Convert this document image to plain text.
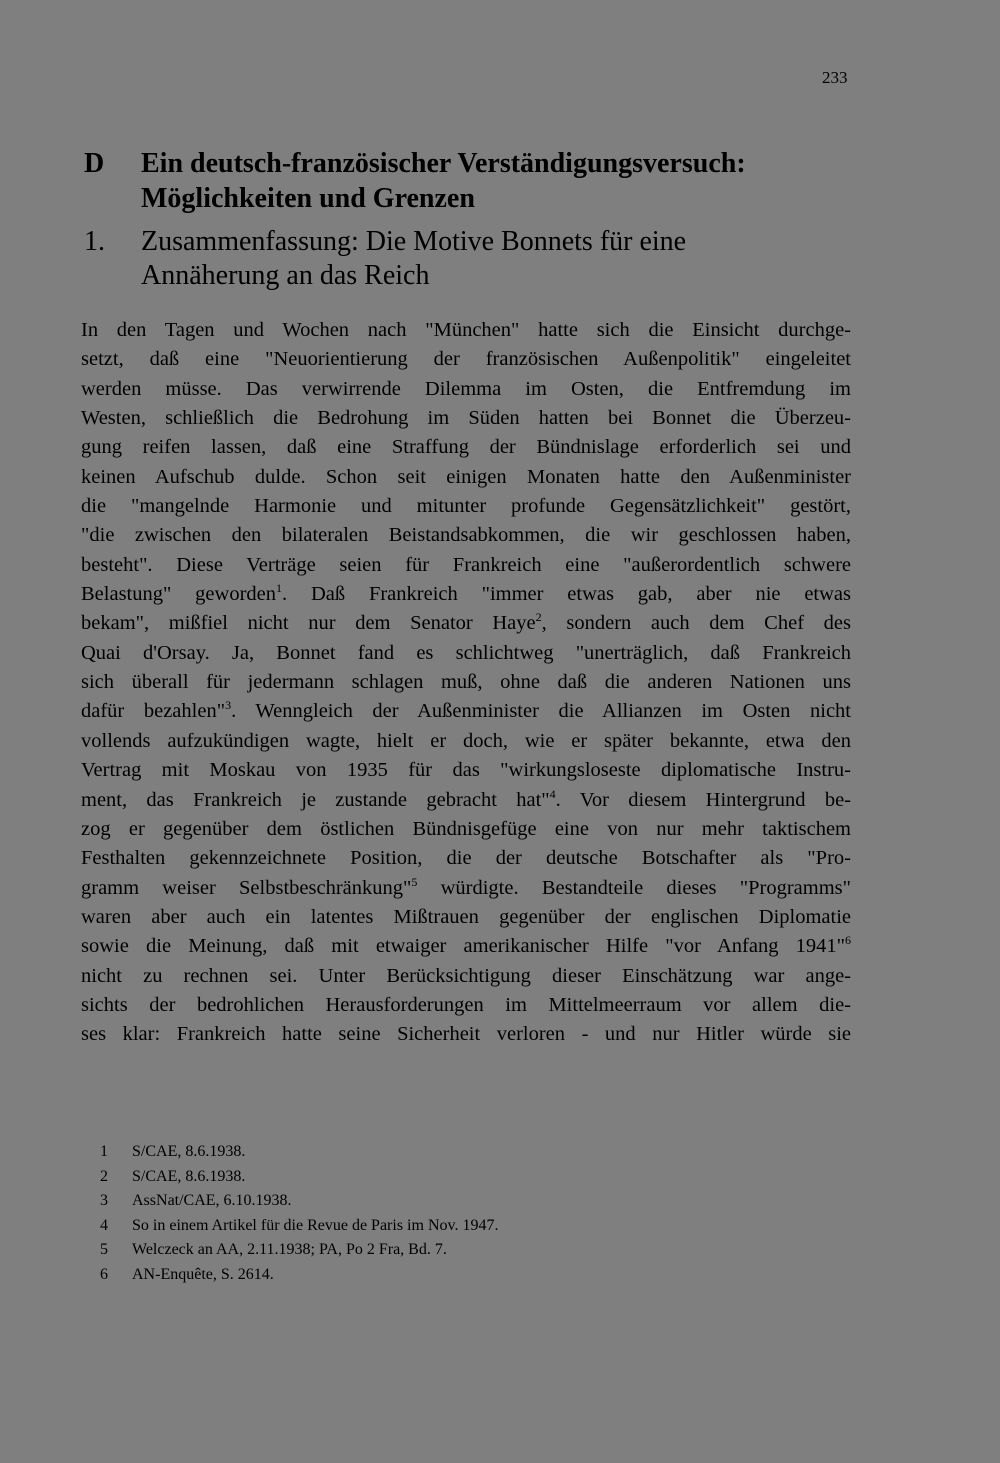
233
D Ein deutsch-französischer Verständigungsversuch:
Möglichkeiten und Grenzen
1. Zusammenfassung: Die Motive Bonnets für eine
Annäherung an das Reich
In den Tagen und Wochen nach "München" hatte sich die Einsicht durchge-
setzt, daß eine "Neuorientierung der französischen Außenpolitik" eingeleitet
werden müsse. Das verwirrende Dilemma im Osten, die Entfremdung im
Westen, schließlich die Bedrohung im Süden hatten bei Bonnet die Überzeu-
gung reifen lassen, daß eine Straffung der Bündnislage erforderlich sei und
keinen Aufschub dulde. Schon seit einigen Monaten hatte den Außenminister
die "mangelnde Harmonie und mitunter profunde Gegensätzlichkeit" gestört,
"die zwischen den bilateralen Beistandsabkommen, die wir geschlossen haben,
besteht". Diese Verträge seien für Frankreich eine "außerordentlich schwere
Belastung" geworden$^1$. Daß Frankreich "immer etwas gab, aber nie etwas
bekam", mißfiel nicht nur dem Senator Haye$^2$, sondern auch dem Chef des
Quai d'Orsay. Ja, Bonnet fand es schlichtweg "unerträglich, daß Frankreich
sich überall für jedermann schlagen muß, ohne daß die anderen Nationen uns
dafür bezahlen"$^3$. Wenngleich der Außenminister die Allianzen im Osten nicht
vollends aufzukündigen wagte, hielt er doch, wie er später bekannte, etwa den
Vertrag mit Moskau von 1935 für das "wirkungsloseste diplomatische Instru-
ment, das Frankreich je zustande gebracht hat"$^4$. Vor diesem Hintergrund be-
zog er gegenüber dem östlichen Bündnisgefüge eine von nur mehr taktischem
Festhalten gekennzeichnete Position, die der deutsche Botschafter als "Pro-
gramm weiser Selbstbeschränkung"$^5$ würdigte. Bestandteile dieses "Programms"
waren aber auch ein latentes Mißtrauen gegenüber der englischen Diplomatie
sowie die Meinung, daß mit etwaiger amerikanischer Hilfe "vor Anfang 1941"$^6$
nicht zu rechnen sei. Unter Berücksichtigung dieser Einschätzung war ange-
sichts der bedrohlichen Herausforderungen im Mittelmeerraum vor allem die-
ses klar: Frankreich hatte seine Sicherheit verloren - und nur Hitler würde sie
1 S/CAE, 8.6.1938.
2 S/CAE, 8.6.1938.
3 AssNat/CAE, 6.10.1938.
4 So in einem Artikel für die Revue de Paris im Nov. 1947.
5 Welczeck an AA, 2.11.1938; PA, Po 2 Fra, Bd. 7.
6 AN-Enquête, S. 2614.
